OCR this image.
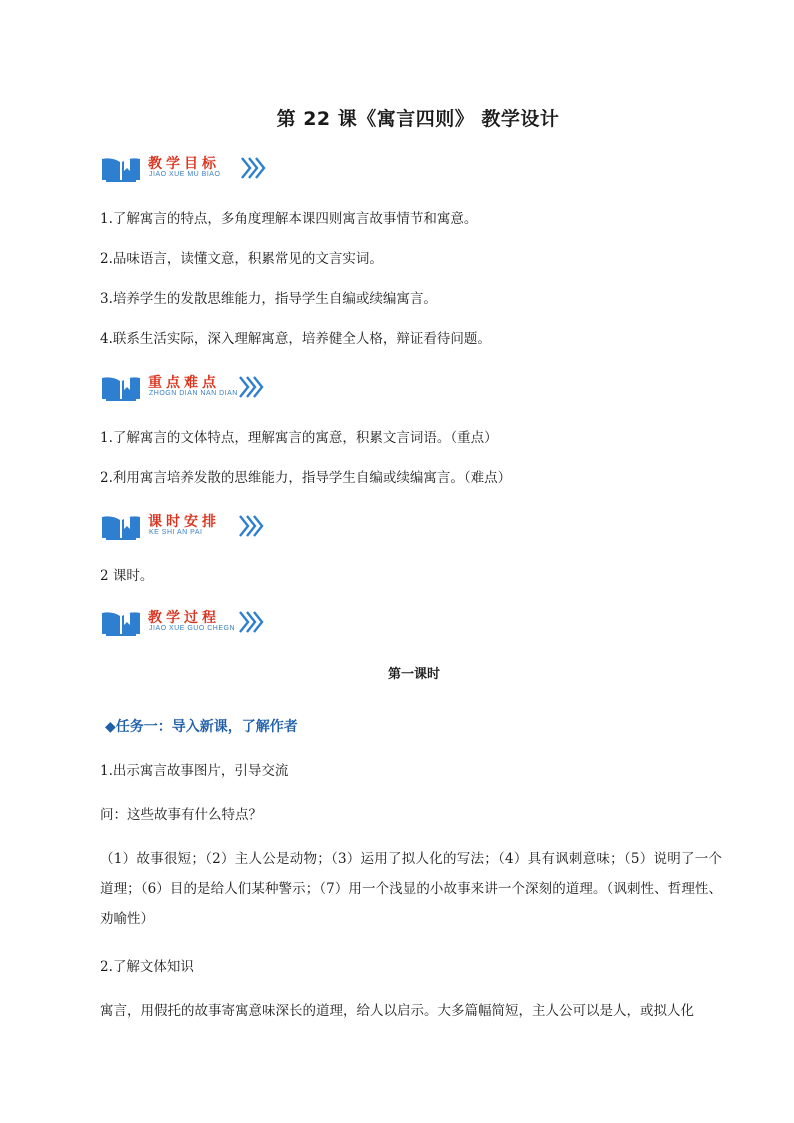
第 22 课《寓言四则》 教学设计
教学目标
JIAO XUE MU BIAO
1.了解寓言的特点，多角度理解本课四则寓言故事情节和寓意。
2.品味语言，读懂文意，积累常见的文言实词。
3.培养学生的发散思维能力，指导学生自编或续编寓言。
4.联系生活实际，深入理解寓意，培养健全人格，辩证看待问题。
重点难点
ZHOGN DIAN NAN DIAN
1.了解寓言的文体特点，理解寓言的寓意，积累文言词语。（重点）
2.利用寓言培养发散的思维能力，指导学生自编或续编寓言。（难点）
课时安排
KE SHI AN PAI
2 课时。
教学过程
JIAO XUE GUO CHEGN
第一课时
◆任务一：导入新课，了解作者
1.出示寓言故事图片，引导交流
问：这些故事有什么特点？
（1）故事很短；（2）主人公是动物；（3）运用了拟人化的写法；（4）具有讽刺意味；（5）说明了一个道理；（6）目的是给人们某种警示；（7）用一个浅显的小故事来讲一个深刻的道理。（讽刺性、哲理性、劝喻性）
2.了解文体知识
寓言，用假托的故事寄寓意味深长的道理，给人以启示。大多篇幅简短，主人公可以是人，或拟人化
